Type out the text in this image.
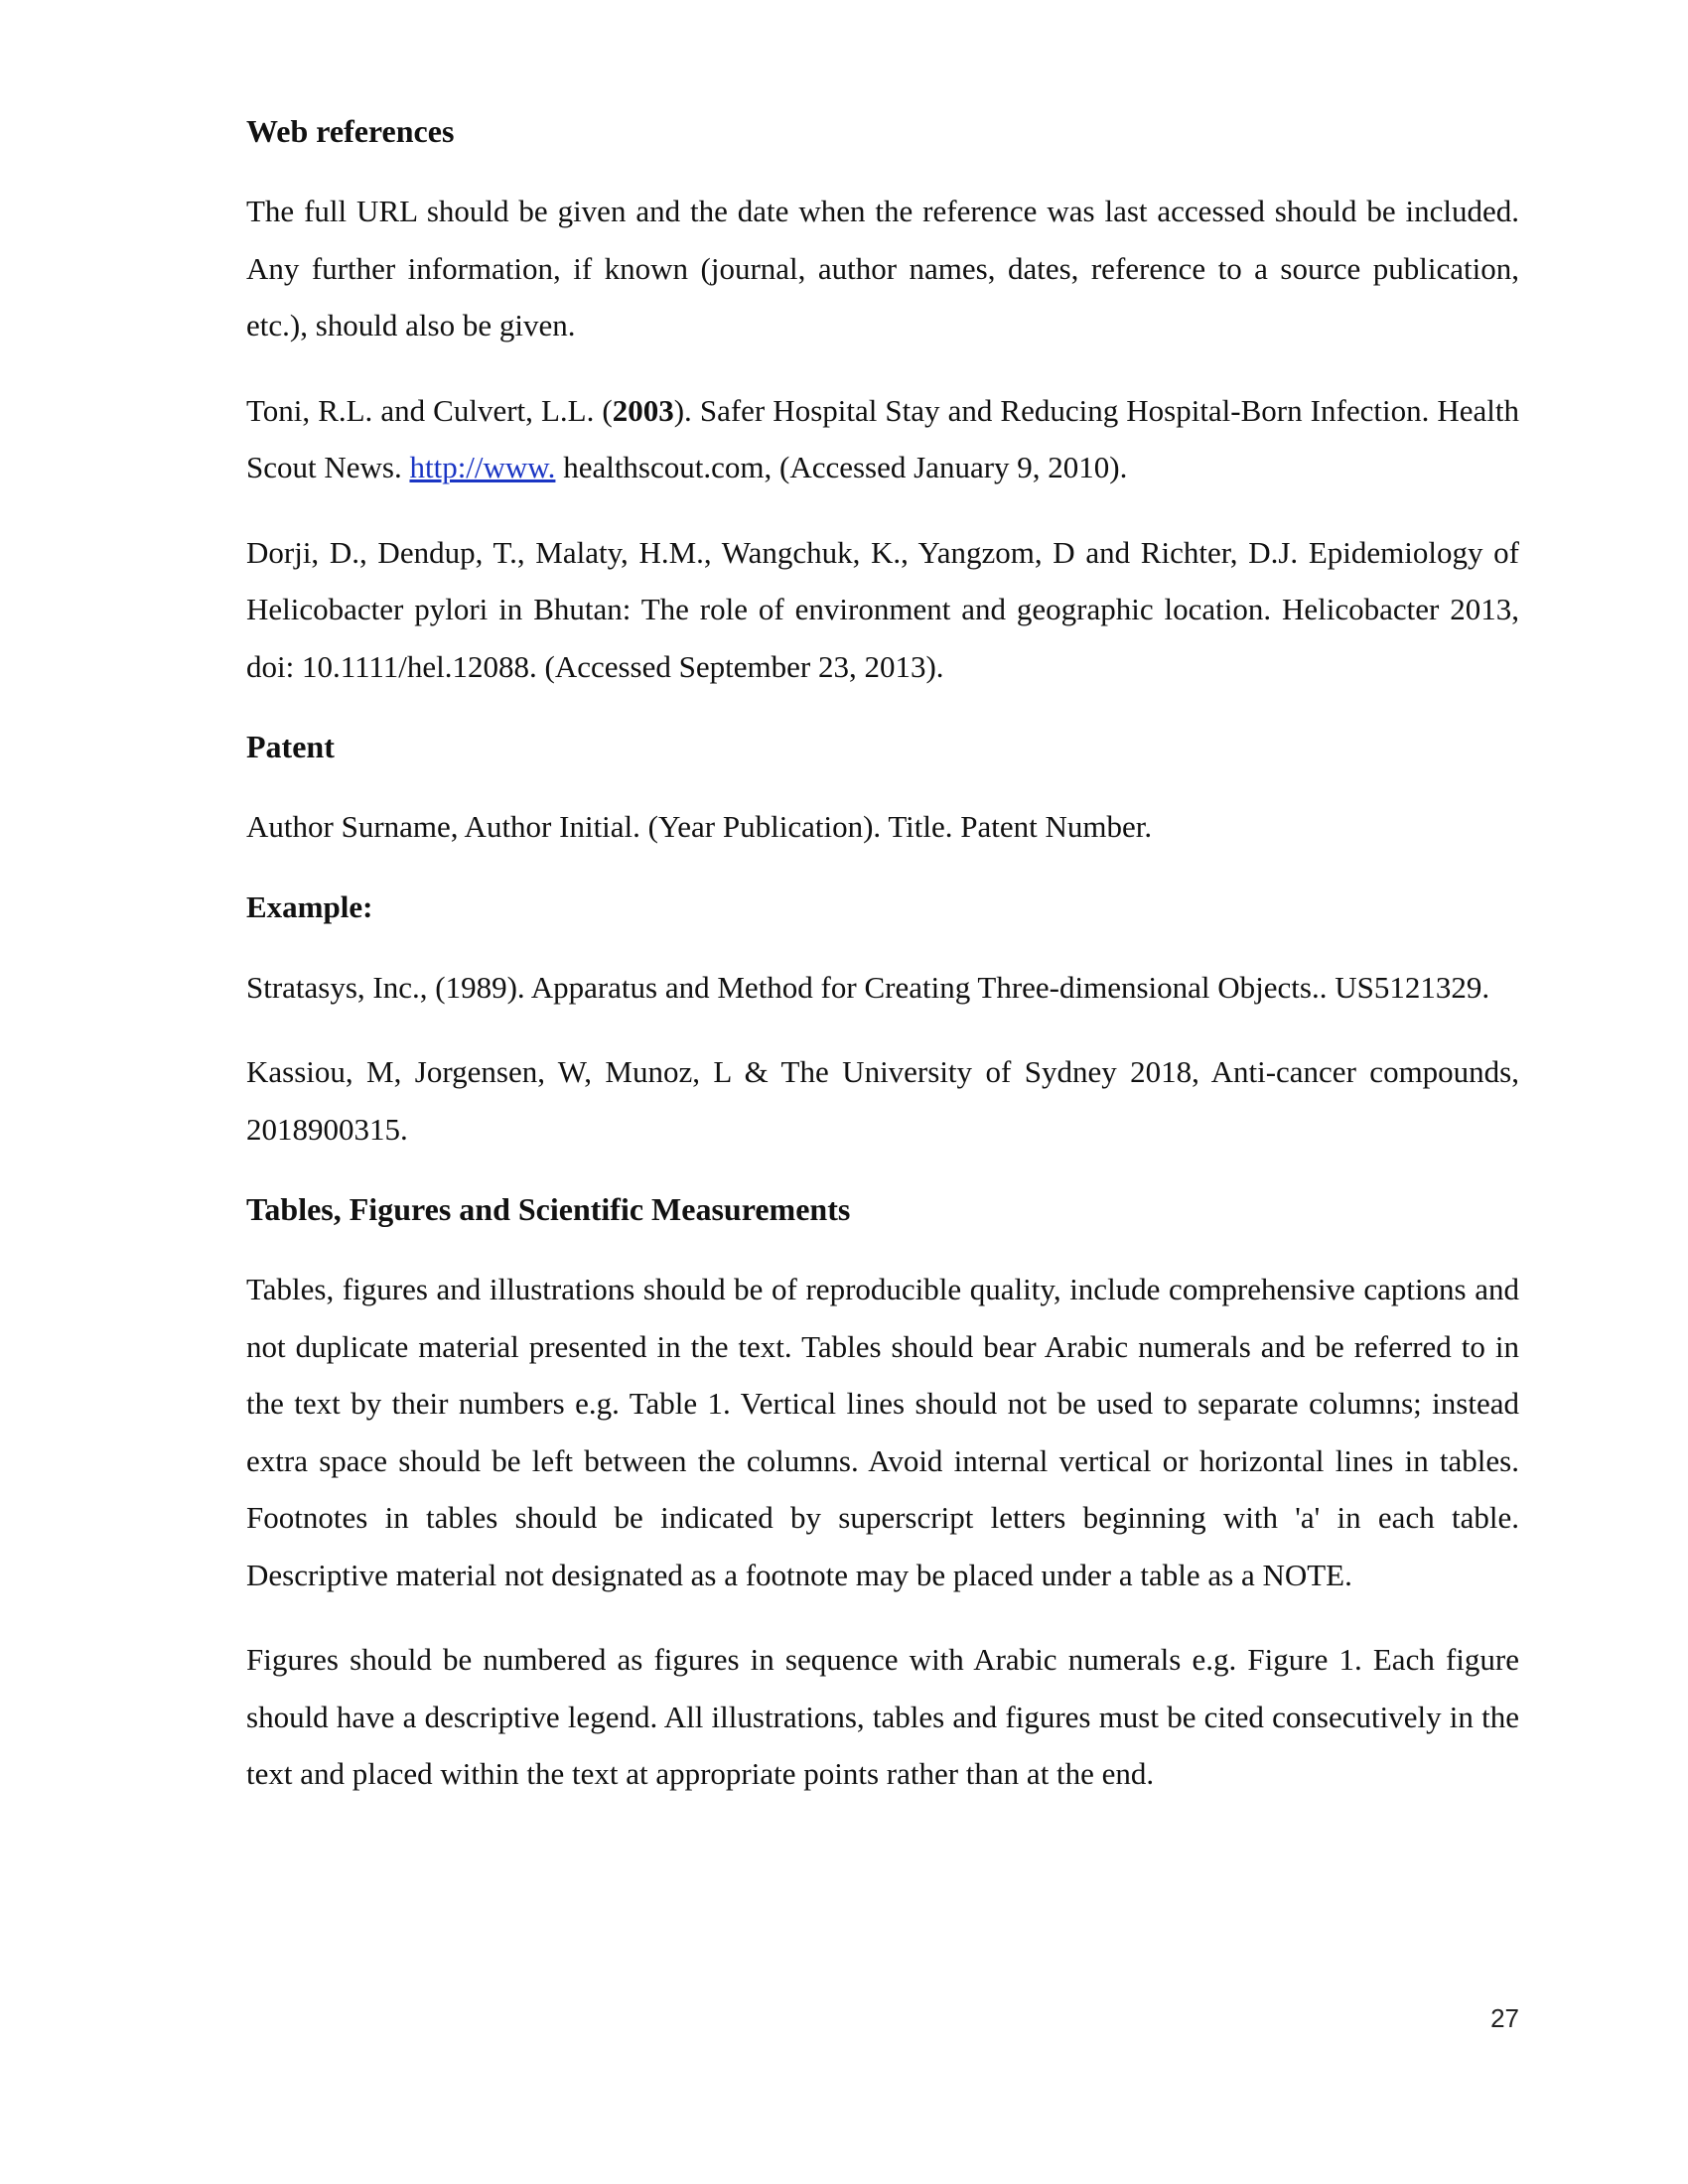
Web references

The full URL should be given and the date when the reference was last accessed should be included. Any further information, if known (journal, author names, dates, reference to a source publication, etc.), should also be given.

Toni, R.L. and Culvert, L.L. (2003). Safer Hospital Stay and Reducing Hospital-Born Infection. Health Scout News. http://www. healthscout.com, (Accessed January 9, 2010).

Dorji, D., Dendup, T., Malaty, H.M., Wangchuk, K., Yangzom, D and Richter, D.J. Epidemiology of Helicobacter pylori in Bhutan: The role of environment and geographic location. Helicobacter 2013, doi: 10.1111/hel.12088. (Accessed September 23, 2013).

Patent

Author Surname, Author Initial. (Year Publication). Title. Patent Number.

Example:

Stratasys, Inc., (1989). Apparatus and Method for Creating Three-dimensional Objects.. US5121329.

Kassiou, M, Jorgensen, W, Munoz, L & The University of Sydney 2018, Anti-cancer compounds, 2018900315.

Tables, Figures and Scientific Measurements

Tables, figures and illustrations should be of reproducible quality, include comprehensive captions and not duplicate material presented in the text. Tables should bear Arabic numerals and be referred to in the text by their numbers e.g. Table 1. Vertical lines should not be used to separate columns; instead extra space should be left between the columns. Avoid internal vertical or horizontal lines in tables. Footnotes in tables should be indicated by superscript letters beginning with 'a' in each table. Descriptive material not designated as a footnote may be placed under a table as a NOTE.

Figures should be numbered as figures in sequence with Arabic numerals e.g. Figure 1. Each figure should have a descriptive legend. All illustrations, tables and figures must be cited consecutively in the text and placed within the text at appropriate points rather than at the end.

27
